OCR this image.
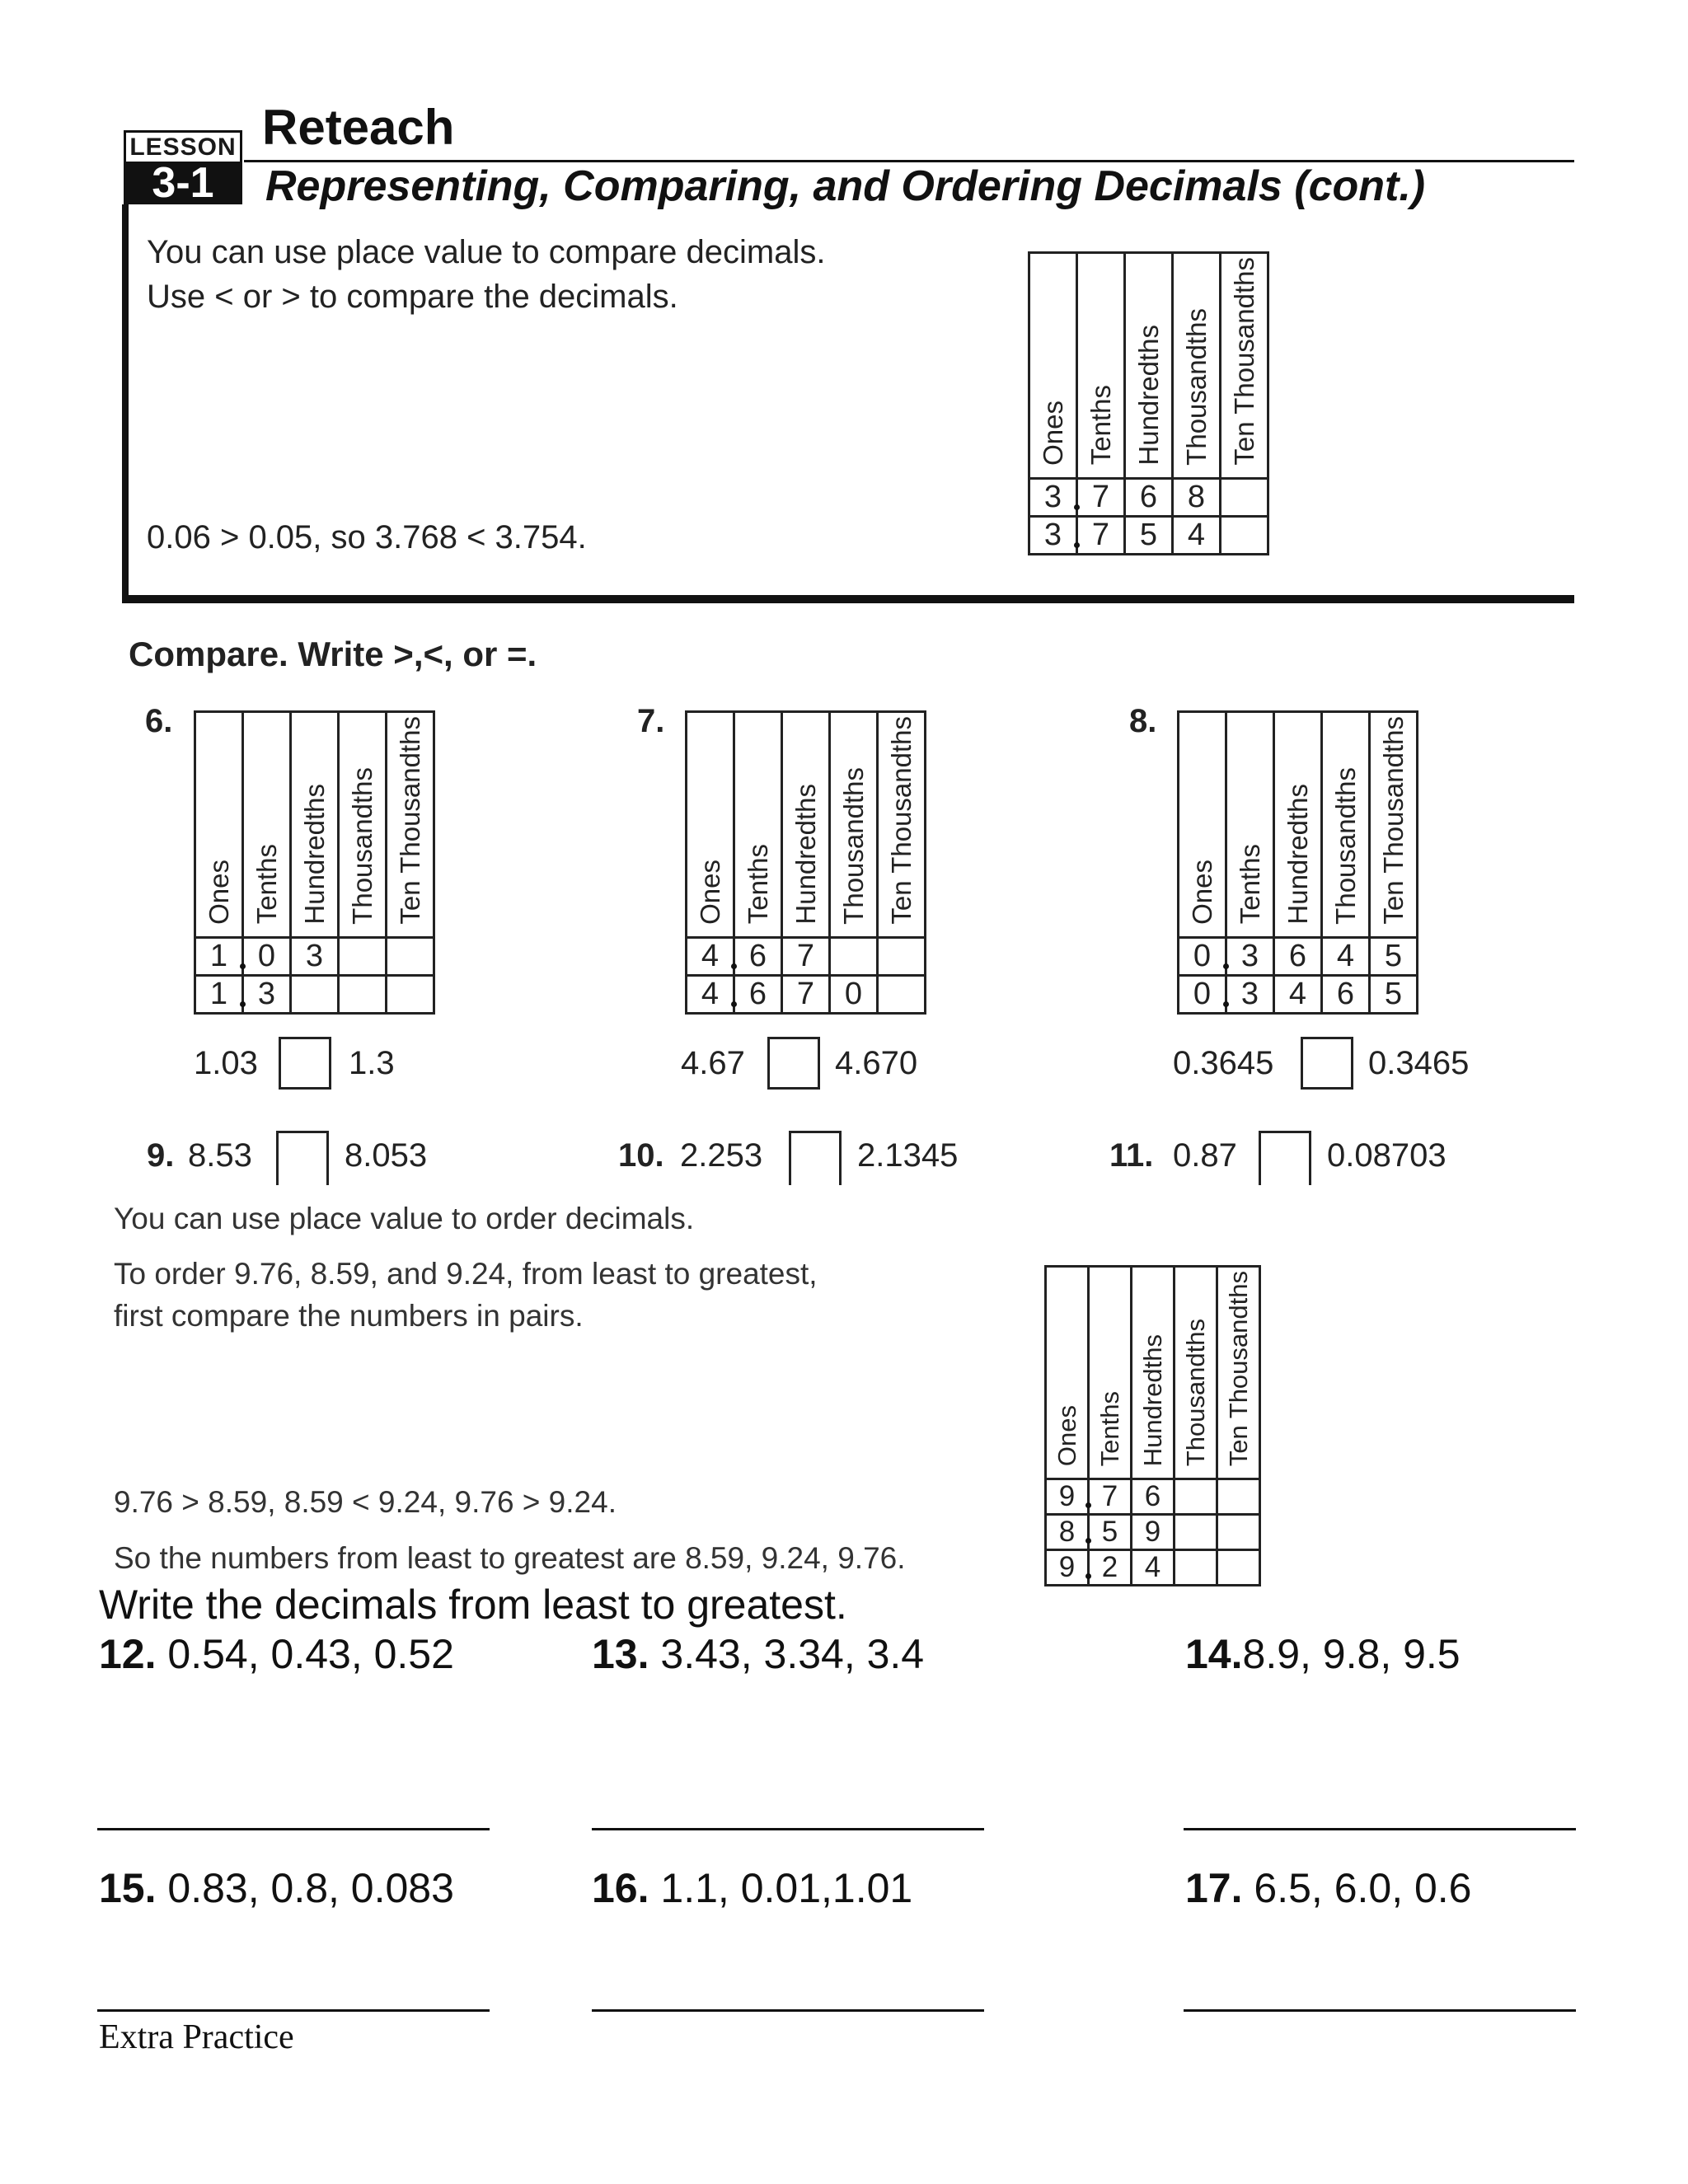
LESSON
3-1
Reteach
Representing, Comparing, and Ordering Decimals (cont.)
You can use place value to compare decimals.
Use < or > to compare the decimals.
0.06 > 0.05, so 3.768 < 3.754.
Ones	Tenths	Hundredths	Thousandths	Ten Thousandths
3	7	6	8	
3	7	5	4	
Compare. Write >,<, or =.
6.
Ones	Tenths	Hundredths	Thousandths	Ten Thousandths
1	0	3		
1	3			
1.03	1.3
7.
Ones	Tenths	Hundredths	Thousandths	Ten Thousandths
4	6	7		
4	6	7	0	
4.67	4.670
8.
Ones	Tenths	Hundredths	Thousandths	Ten Thousandths
0	3	6	4	5
0	3	4	6	5
0.3645	0.3465
9. 8.53	8.053	10. 2.253	2.1345	11. 0.87	0.08703
You can use place value to order decimals.
To order 9.76, 8.59, and 9.24, from least to greatest,
first compare the numbers in pairs.
9.76 > 8.59, 8.59 < 9.24, 9.76 > 9.24.
So the numbers from least to greatest are 8.59, 9.24, 9.76.
Ones	Tenths	Hundredths	Thousandths	Ten Thousandths
9	7	6		
8	5	9		
9	2	4		
Write the decimals from least to greatest.
12. 0.54, 0.43, 0.52	13. 3.43, 3.34, 3.4	14.8.9, 9.8, 9.5
15. 0.83, 0.8, 0.083	16. 1.1, 0.01,1.01	17. 6.5, 6.0, 0.6
Extra Practice
